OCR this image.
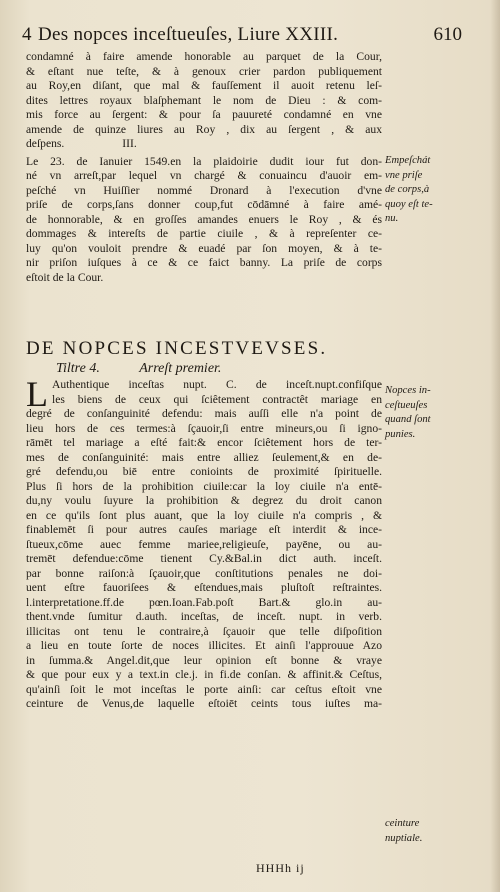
4 Des nopces inceſtueuſes, Liure XXIII.	610
condamné à faire amende honorable au parquet de la Cour,
& eſtant nue teſte, & à genoux crier pardon publiquement
au Roy,en diſant, que mal & fauſſement il auoit retenu leſ-
dites lettres royaux blaſphemant le nom de Dieu : & com-
mis force au ſergent: & pour ſa pauureté condamné en vne
amende de quinze liures au Roy , dix au ſergent , & aux
deſpens.                    III.
Le 23. de Ianuier 1549.en la plaidoirie dudit iour fut don-
né vn arreſt,par lequel vn chargé & conuaincu d'auoir em-
peſché vn Huiſſier nommé Dronard à l'execution d'vne
priſe de corps,ſans donner coup,fut cōdāmné à faire amé-
de honnorable, & en groſſes amandes enuers le Roy , & és
dommages & intereſts de partie ciuile , & à repreſenter ce-
luy qu'on vouloit prendre & euadé par ſon moyen, & à te-
nir priſon iuſques à ce & ce faict banny. La priſe de corps
eſtoit de la Cour.
Empeſchát
vne priſe
de corps,à
quoy eſt te-
nu.
DE NOPCES INCESTVEVSES.
Tiltre 4.	Arreſt premier.
L Authentique inceſtas nupt. C. de inceſt.nupt.confiſque
les biens de ceux qui ſciêtement contractêt mariage en
degré de conſanguinité defendu: mais auſſi elle n'a point de
lieu hors de ces termes:à ſçauoir,ſi entre mineurs,ou ſi igno-
rāmēt tel mariage a eſté fait:& encor ſciêtement hors de ter-
mes de conſanguinité: mais entre alliez ſeulement,& en de-
gré defendu,ou biē entre conioints de proximité ſpirituelle.
Plus ſi hors de la prohibition ciuile:car la loy ciuile n'a entē-
du,ny voulu ſuyure la prohibition & degrez du droit canon
en ce qu'ils ſont plus auant, que la loy ciuile n'a compris , &
finablemēt ſi pour autres cauſes mariage eſt interdit & ince-
ſtueux,cōme auec femme mariee,religieuſe, payēne, ou au-
tremēt defendue:cōme tienent Cy.&Bal.in dict auth. inceſt.
par bonne raiſon:à ſçauoir,que conſtitutions penales ne doi-
uent eſtre fauoriſees & eſtendues,mais pluſtoſt reſtraintes.
l.interpretatione.ff.de pœn.Ioan.Fab.poſt Bart.& glo.in au-
thent.vnde ſumitur d.auth. inceſtas, de inceſt. nupt. in verb.
illicitas ont tenu le contraire,à ſçauoir que telle diſpoſition
a lieu en toute ſorte de noces illicites. Et ainſi l'approuue Azo
in ſumma.& Angel.dit,que leur opinion eſt bonne & vraye
& que pour eux y a text.in cle.j. in fi.de conſan. & affinit.& Ceſtus,
qu'ainſi ſoit le mot inceſtas le porte ainſi: car ceſtus eſtoit vne
ceinture de Venus,de laquelle eſtoiēt ceints tous iuſtes ma-
Nopces in-
ceſtueuſes
quand ſont
punies.
ceinture
nuptiale.
HHHh ij
